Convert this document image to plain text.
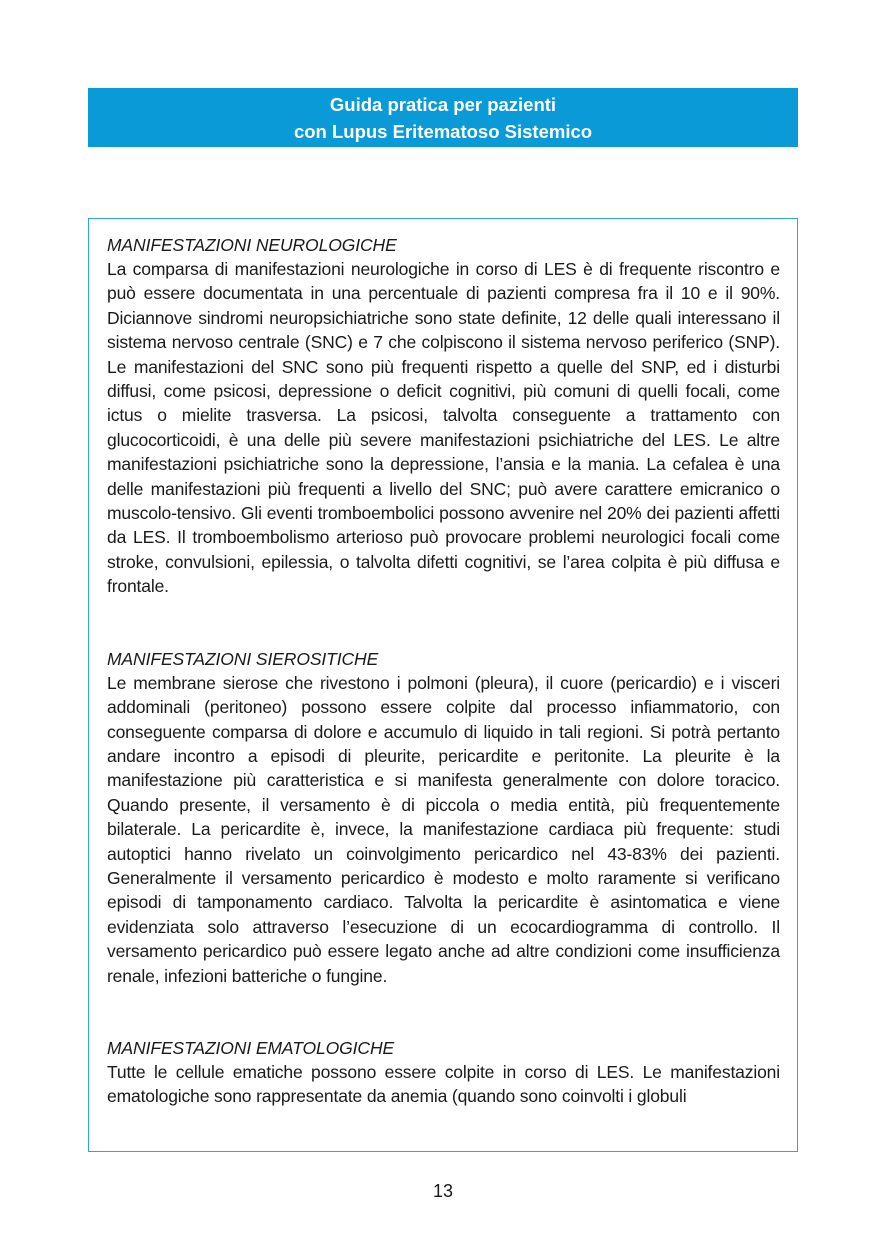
Guida pratica per pazienti
con Lupus Eritematoso Sistemico

MANIFESTAZIONI NEUROLOGICHE

La comparsa di manifestazioni neurologiche in corso di LES è di frequente riscontro e può essere documentata in una percentuale di pazienti compresa fra il 10 e il 90%. Diciannove sindromi neuropsichiatriche sono state definite, 12 delle quali interessano il sistema nervoso centrale (SNC) e 7 che colpiscono il sistema nervoso periferico (SNP). Le manifestazioni del SNC sono più frequenti rispetto a quelle del SNP, ed i disturbi diffusi, come psicosi, depressione o deficit cognitivi, più comuni di quelli focali, come ictus o mielite trasversa. La psicosi, talvolta conseguente a trattamento con glucocorticoidi, è una delle più severe manifestazioni psichiatriche del LES. Le altre manifestazioni psichiatriche sono la depressione, l’ansia e la mania. La cefalea è una delle manifestazioni più frequenti a livello del SNC; può avere carattere emicranico o muscolo-tensivo. Gli eventi tromboembolici possono avvenire nel 20% dei pazienti affetti da LES. Il tromboembolismo arterioso può provocare problemi neurologici focali come stroke, convulsioni, epilessia, o talvolta difetti cognitivi, se l’area colpita è più diffusa e frontale.

MANIFESTAZIONI SIEROSITICHE

Le membrane sierose che rivestono i polmoni (pleura), il cuore (pericardio) e i visceri addominali (peritoneo) possono essere colpite dal processo infiammatorio, con conseguente comparsa di dolore e accumulo di liquido in tali regioni. Si potrà pertanto andare incontro a episodi di pleurite, pericardite e peritonite. La pleurite è la manifestazione più caratteristica e si manifesta generalmente con dolore toracico. Quando presente, il versamento è di piccola o media entità, più frequentemente bilaterale. La pericardite è, invece, la manifestazione cardiaca più frequente: studi autoptici hanno rivelato un coinvolgimento pericardico nel 43-83% dei pazienti. Generalmente il versamento pericardico è modesto e molto raramente si verificano episodi di tamponamento cardiaco. Talvolta la pericardite è asintomatica e viene evidenziata solo attraverso l’esecuzione di un ecocardiogramma di controllo. Il versamento pericardico può essere legato anche ad altre condizioni come insufficienza renale, infezioni batteriche o fungine.

MANIFESTAZIONI EMATOLOGICHE

Tutte le cellule ematiche possono essere colpite in corso di LES. Le manifestazioni ematologiche sono rappresentate da anemia (quando sono coinvolti i globuli

13
